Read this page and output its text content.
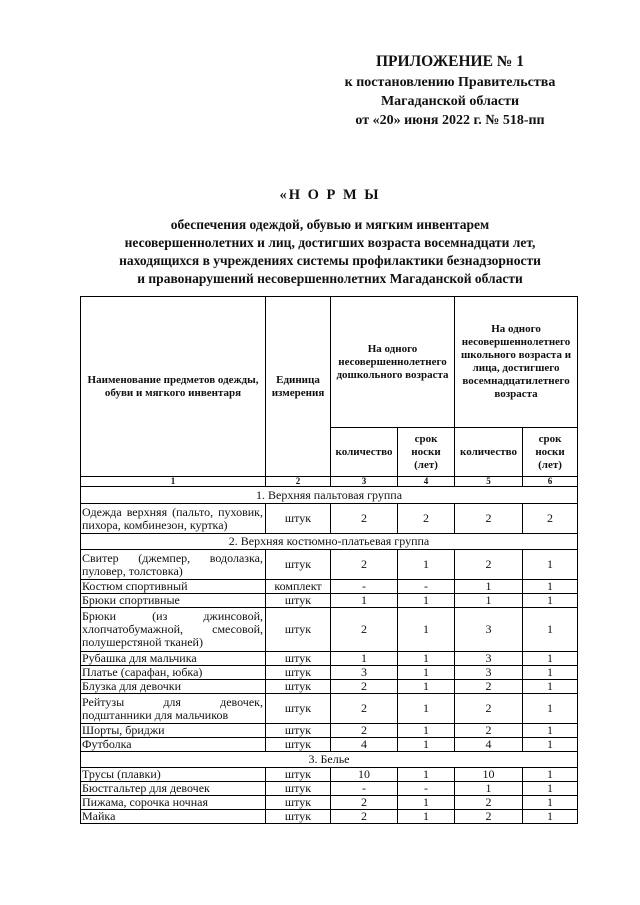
ПРИЛОЖЕНИЕ № 1
к постановлению Правительства
Магаданской области
от «20» июня 2022 г. № 518-пп
«Н О Р М Ы
обеспечения одеждой, обувью и мягким инвентарем
несовершеннолетних и лиц, достигших возраста восемнадцати лет,
находящихся в учреждениях системы профилактики безнадзорности
и правонарушений несовершеннолетних Магаданской области
Наименование предметов одежды, обуви и мягкого инвентаря	Единица измерения	На одного несовершеннолетнего дошкольного возраста		На одного несовершеннолетнего школьного возраста и лица, достигшего восемнадцатилетнего возраста	
		количество	срок носки (лет)	количество	срок носки (лет)
1	2	3	4	5	6
1. Верхняя пальтовая группа					
Одежда верхняя (пальто, пуховик, пихора, комбинезон, куртка)	штук	2	2	2	2
2. Верхняя костюмно-платьевая группа					
Свитер (джемпер, водолазка, пуловер, толстовка)	штук	2	1	2	1
Костюм спортивный	комплект	-	-	1	1
Брюки спортивные	штук	1	1	1	1
Брюки (из джинсовой, хлопчатобумажной, смесовой, полушерстяной тканей)	штук	2	1	3	1
Рубашка для мальчика	штук	1	1	3	1
Платье (сарафан, юбка)	штук	3	1	3	1
Блузка для девочки	штук	2	1	2	1
Рейтузы для девочек, подштанники для мальчиков	штук	2	1	2	1
Шорты, бриджи	штук	2	1	2	1
Футболка	штук	4	1	4	1
3. Белье					
Трусы (плавки)	штук	10	1	10	1
Бюстгальтер для девочек	штук	-	-	1	1
Пижама, сорочка ночная	штук	2	1	2	1
Майка	штук	2	1	2	1
